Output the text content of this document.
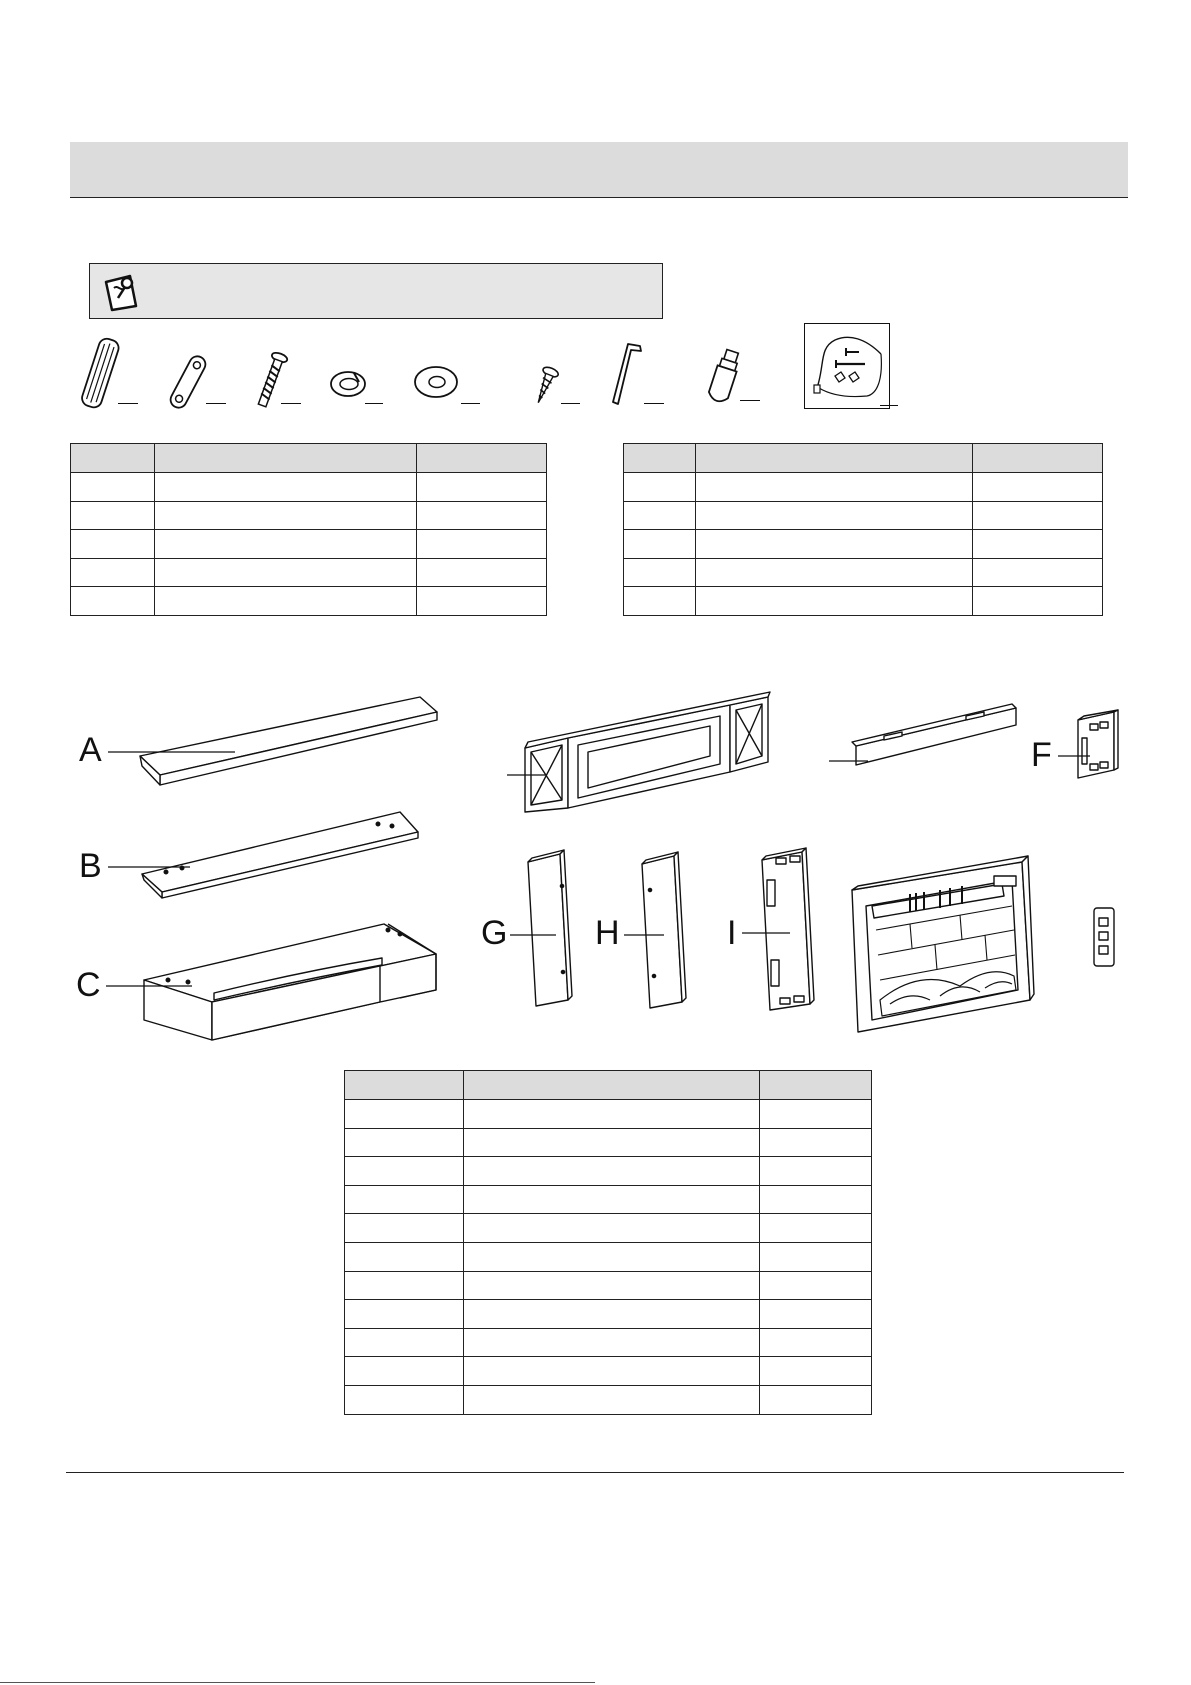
A
B
C
F
G	H	I
